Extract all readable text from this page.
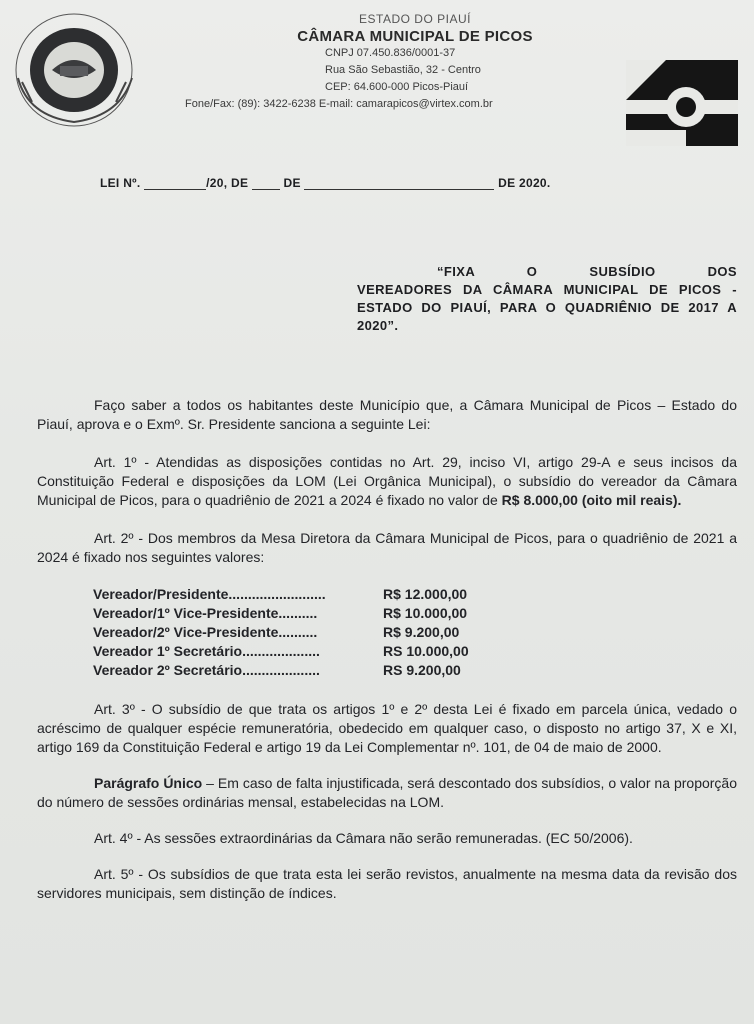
ESTADO DO PIAUÍ
CÂMARA MUNICIPAL DE PICOS
CNPJ 07.450.836/0001-37
Rua São Sebastião, 32 - Centro
CEP: 64.600-000 Picos-Piauí
Fone/Fax: (89): 3422-6238 E-mail: camarapicos@virtex.com.br
LEI Nº.	/20, DE	DE	DE 2020.
“FIXA O SUBSÍDIO DOS
VEREADORES DA CÂMARA MUNICIPAL DE PICOS - ESTADO DO PIAUÍ, PARA O QUADRIÊNIO DE 2017 A 2020”.

Faço saber a todos os habitantes deste Município que, a Câmara Municipal de Picos – Estado do Piauí, aprova e o Exmº. Sr. Presidente sanciona a seguinte Lei:

Art. 1º - Atendidas as disposições contidas no Art. 29, inciso VI, artigo 29-A e seus incisos da Constituição Federal e disposições da LOM (Lei Orgânica Municipal), o subsídio do vereador da Câmara Municipal de Picos, para o quadriênio de 2021 a 2024 é fixado no valor de R$ 8.000,00 (oito mil reais).

Art. 2º - Dos membros da Mesa Diretora da Câmara Municipal de Picos, para o quadriênio de 2021 a 2024 é fixado nos seguintes valores:

Vereador/Presidente.........................	R$ 12.000,00
Vereador/1º Vice-Presidente..........	R$ 10.000,00
Vereador/2º Vice-Presidente..........	R$ 9.200,00
Vereador 1º Secretário....................	RS 10.000,00
Vereador 2º Secretário....................	RS 9.200,00

Art. 3º - O subsídio de que trata os artigos 1º e 2º desta Lei é fixado em parcela única, vedado o acréscimo de qualquer espécie remuneratória, obedecido em qualquer caso, o disposto no artigo 37, X e XI, artigo 169 da Constituição Federal e artigo 19 da Lei Complementar nº. 101, de 04 de maio de 2000.

Parágrafo Único – Em caso de falta injustificada, será descontado dos subsídios, o valor na proporção do número de sessões ordinárias mensal, estabelecidas na LOM.

Art. 4º - As sessões extraordinárias da Câmara não serão remuneradas. (EC 50/2006).

Art. 5º - Os subsídios de que trata esta lei serão revistos, anualmente na mesma data da revisão dos servidores municipais, sem distinção de índices.
